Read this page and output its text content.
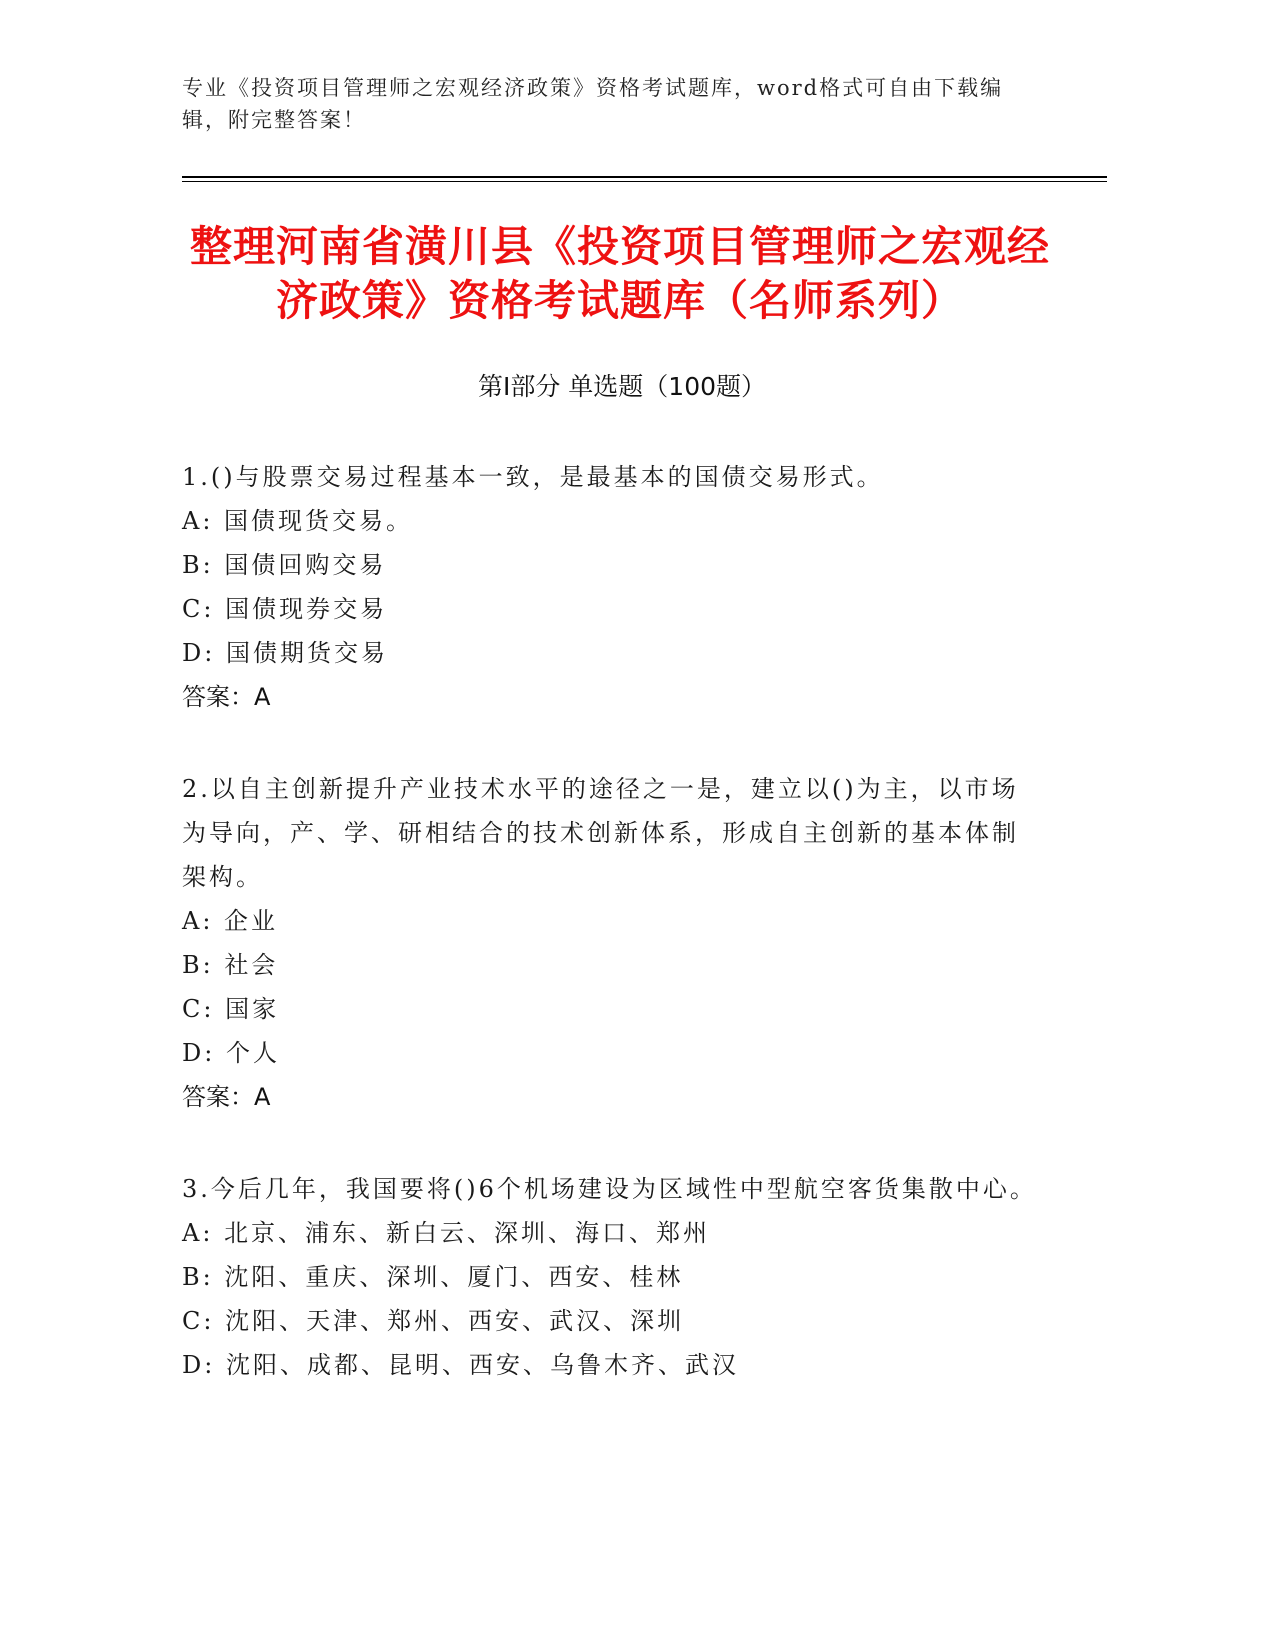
专业《投资项目管理师之宏观经济政策》资格考试题库，word格式可自由下载编辑，附完整答案！
整理河南省潢川县《投资项目管理师之宏观经济政策》资格考试题库（名师系列）
第Ⅰ部分 单选题（100题）

1.()与股票交易过程基本一致，是最基本的国债交易形式。

A: 国债现货交易。

B: 国债回购交易

C: 国债现券交易

D: 国债期货交易

答案：A

2.以自主创新提升产业技术水平的途径之一是，建立以()为主，以市场为导向，产、学、研相结合的技术创新体系，形成自主创新的基本体制架构。

A: 企业

B: 社会

C: 国家

D: 个人

答案：A

3.今后几年，我国要将()6个机场建设为区域性中型航空客货集散中心。

A: 北京、浦东、新白云、深圳、海口、郑州

B: 沈阳、重庆、深圳、厦门、西安、桂林

C: 沈阳、天津、郑州、西安、武汉、深圳

D: 沈阳、成都、昆明、西安、乌鲁木齐、武汉
